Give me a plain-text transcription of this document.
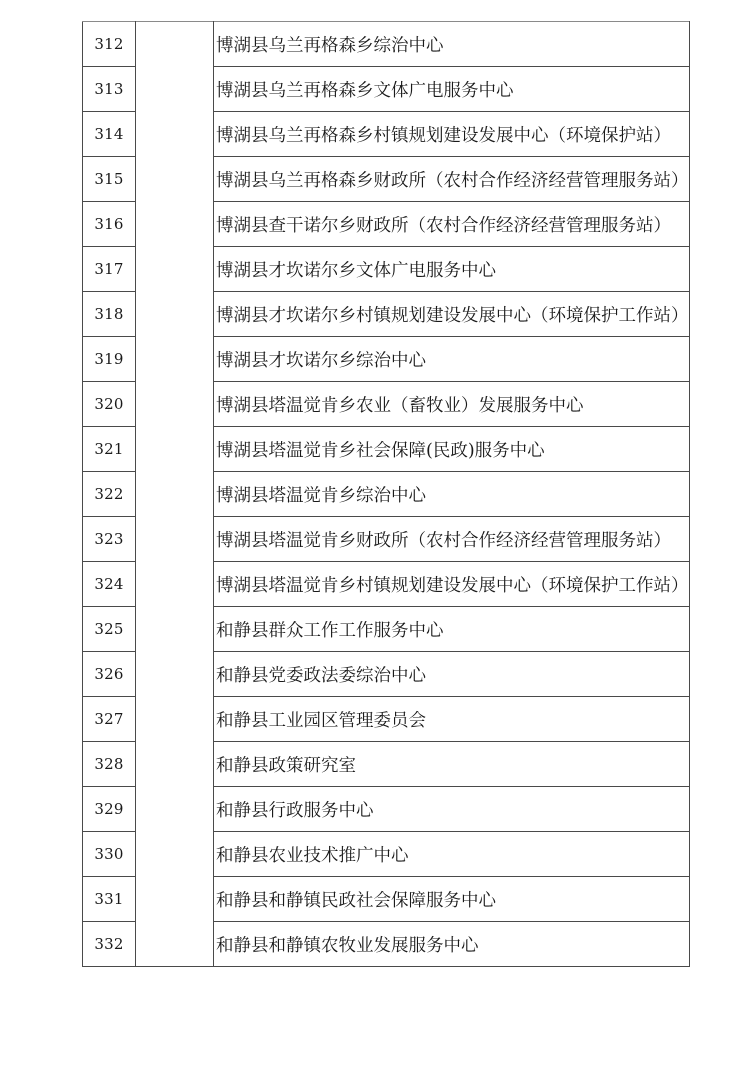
312		博湖县乌兰再格森乡综治中心
313		博湖县乌兰再格森乡文体广电服务中心
314		博湖县乌兰再格森乡村镇规划建设发展中心（环境保护站）
315		博湖县乌兰再格森乡财政所（农村合作经济经营管理服务站）
316		博湖县查干诺尔乡财政所（农村合作经济经营管理服务站）
317		博湖县才坎诺尔乡文体广电服务中心
318		博湖县才坎诺尔乡村镇规划建设发展中心（环境保护工作站）
319		博湖县才坎诺尔乡综治中心
320		博湖县塔温觉肯乡农业（畜牧业）发展服务中心
321		博湖县塔温觉肯乡社会保障(民政)服务中心
322		博湖县塔温觉肯乡综治中心
323		博湖县塔温觉肯乡财政所（农村合作经济经营管理服务站）
324		博湖县塔温觉肯乡村镇规划建设发展中心（环境保护工作站）
325		和静县群众工作工作服务中心
326		和静县党委政法委综治中心
327		和静县工业园区管理委员会
328		和静县政策研究室
329		和静县行政服务中心
330		和静县农业技术推广中心
331		和静县和静镇民政社会保障服务中心
332		和静县和静镇农牧业发展服务中心
